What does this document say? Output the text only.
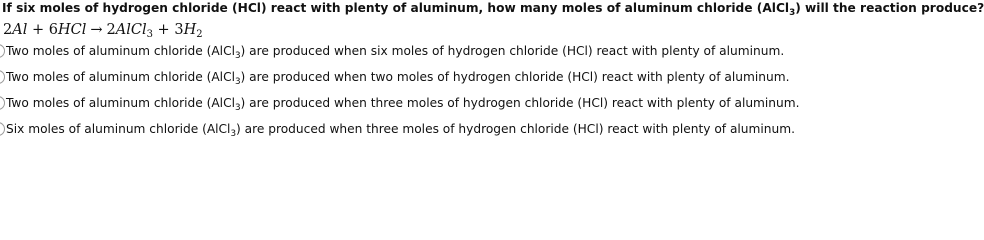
If six moles of hydrogen chloride (HCl) react with plenty of aluminum, how many moles of aluminum chloride (AlCl$_3$) will the reaction produce?
2Al + 6HCl → 2AlCl$_3$ + $3H_2$
Two moles of aluminum chloride (AlCl$_3$) are produced when six moles of hydrogen chloride (HCl) react with plenty of aluminum.
Two moles of aluminum chloride (AlCl$_3$) are produced when two moles of hydrogen chloride (HCl) react with plenty of aluminum.
Two moles of aluminum chloride (AlCl$_3$) are produced when three moles of hydrogen chloride (HCl) react with plenty of aluminum.
Six moles of aluminum chloride (AlCl$_3$) are produced when three moles of hydrogen chloride (HCl) react with plenty of aluminum.
